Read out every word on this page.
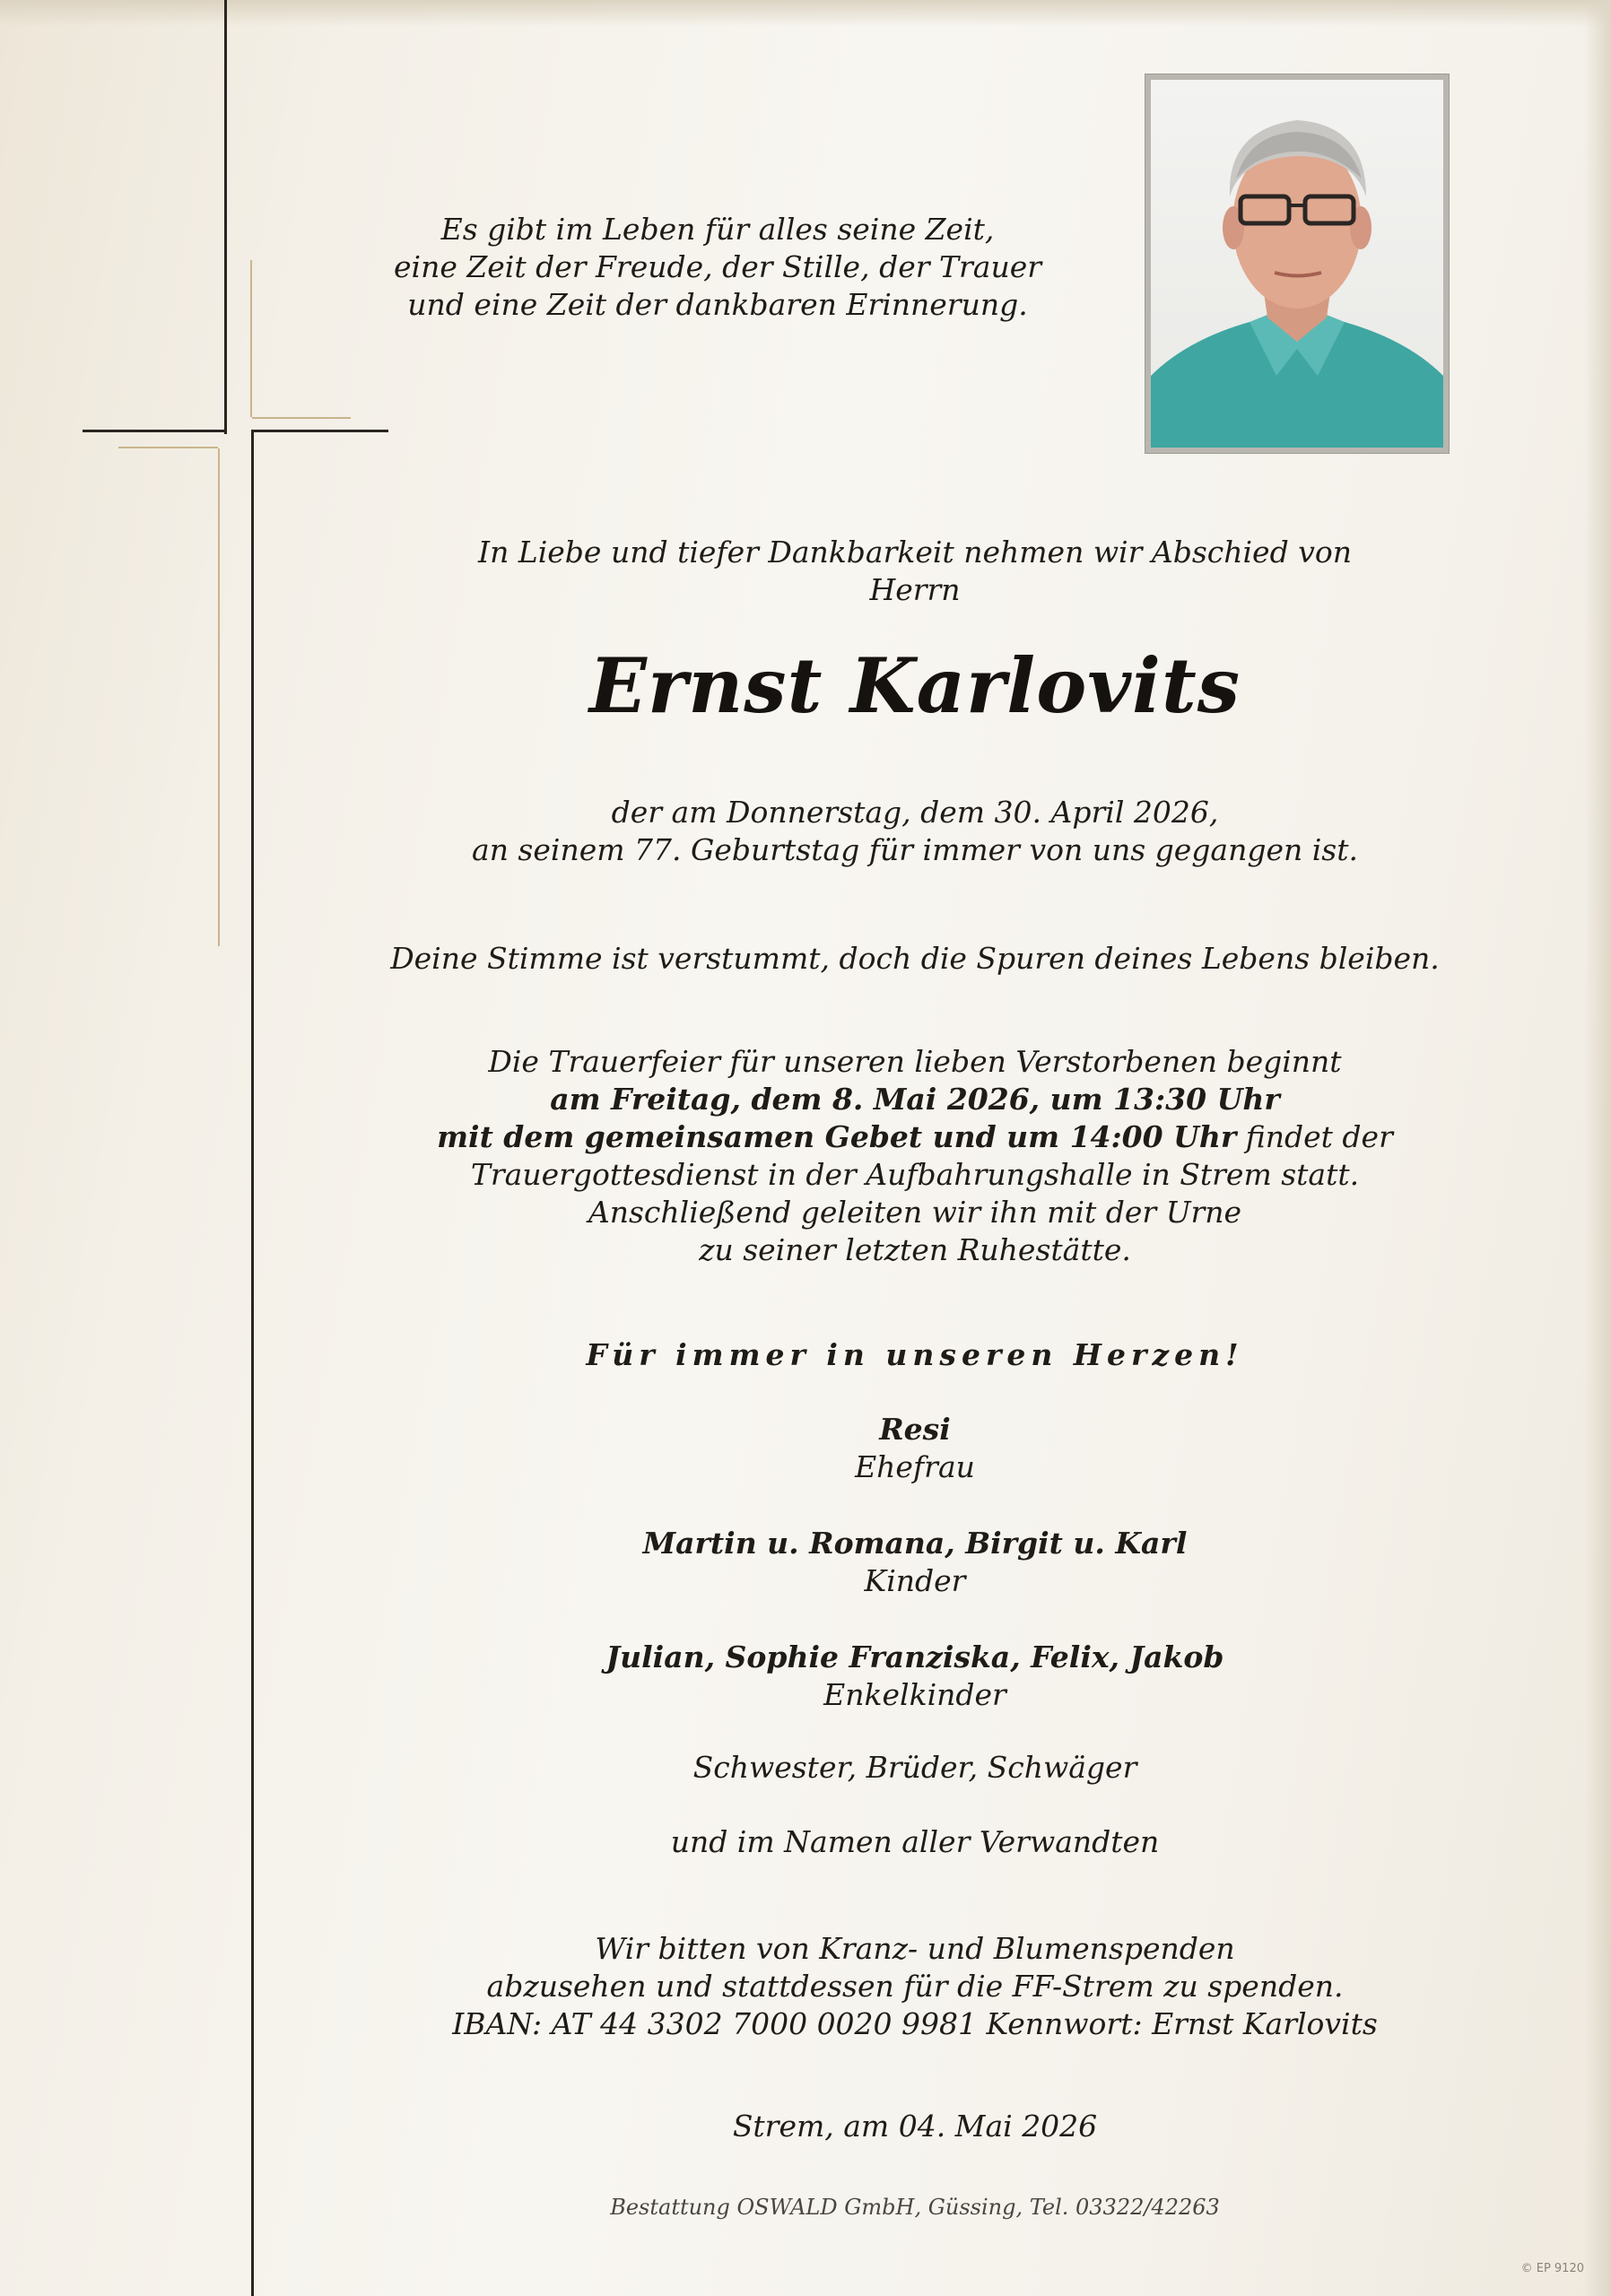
Es gibt im Leben für alles seine Zeit,
eine Zeit der Freude, der Stille, der Trauer
und eine Zeit der dankbaren Erinnerung.
In Liebe und tiefer Dankbarkeit nehmen wir Abschied von
Herrn
Ernst Karlovits
der am Donnerstag, dem 30. April 2026,
an seinem 77. Geburtstag für immer von uns gegangen ist.
Deine Stimme ist verstummt, doch die Spuren deines Lebens bleiben.
Die Trauerfeier für unseren lieben Verstorbenen beginnt
am Freitag, dem 8. Mai 2026, um 13:30 Uhr
mit dem gemeinsamen Gebet und um 14:00 Uhr findet der
Trauergottesdienst in der Aufbahrungshalle in Strem statt.
Anschließend geleiten wir ihn mit der Urne
zu seiner letzten Ruhestätte.
Für immer in unseren Herzen!
Resi
Ehefrau
Martin u. Romana, Birgit u. Karl
Kinder
Julian, Sophie Franziska, Felix, Jakob
Enkelkinder
Schwester, Brüder, Schwäger
und im Namen aller Verwandten
Wir bitten von Kranz- und Blumenspenden
abzusehen und stattdessen für die FF-Strem zu spenden.
IBAN: AT 44 3302 7000 0020 9981 Kennwort: Ernst Karlovits
Strem, am 04. Mai 2026
Bestattung OSWALD GmbH, Güssing, Tel. 03322/42263
© EP 9120
